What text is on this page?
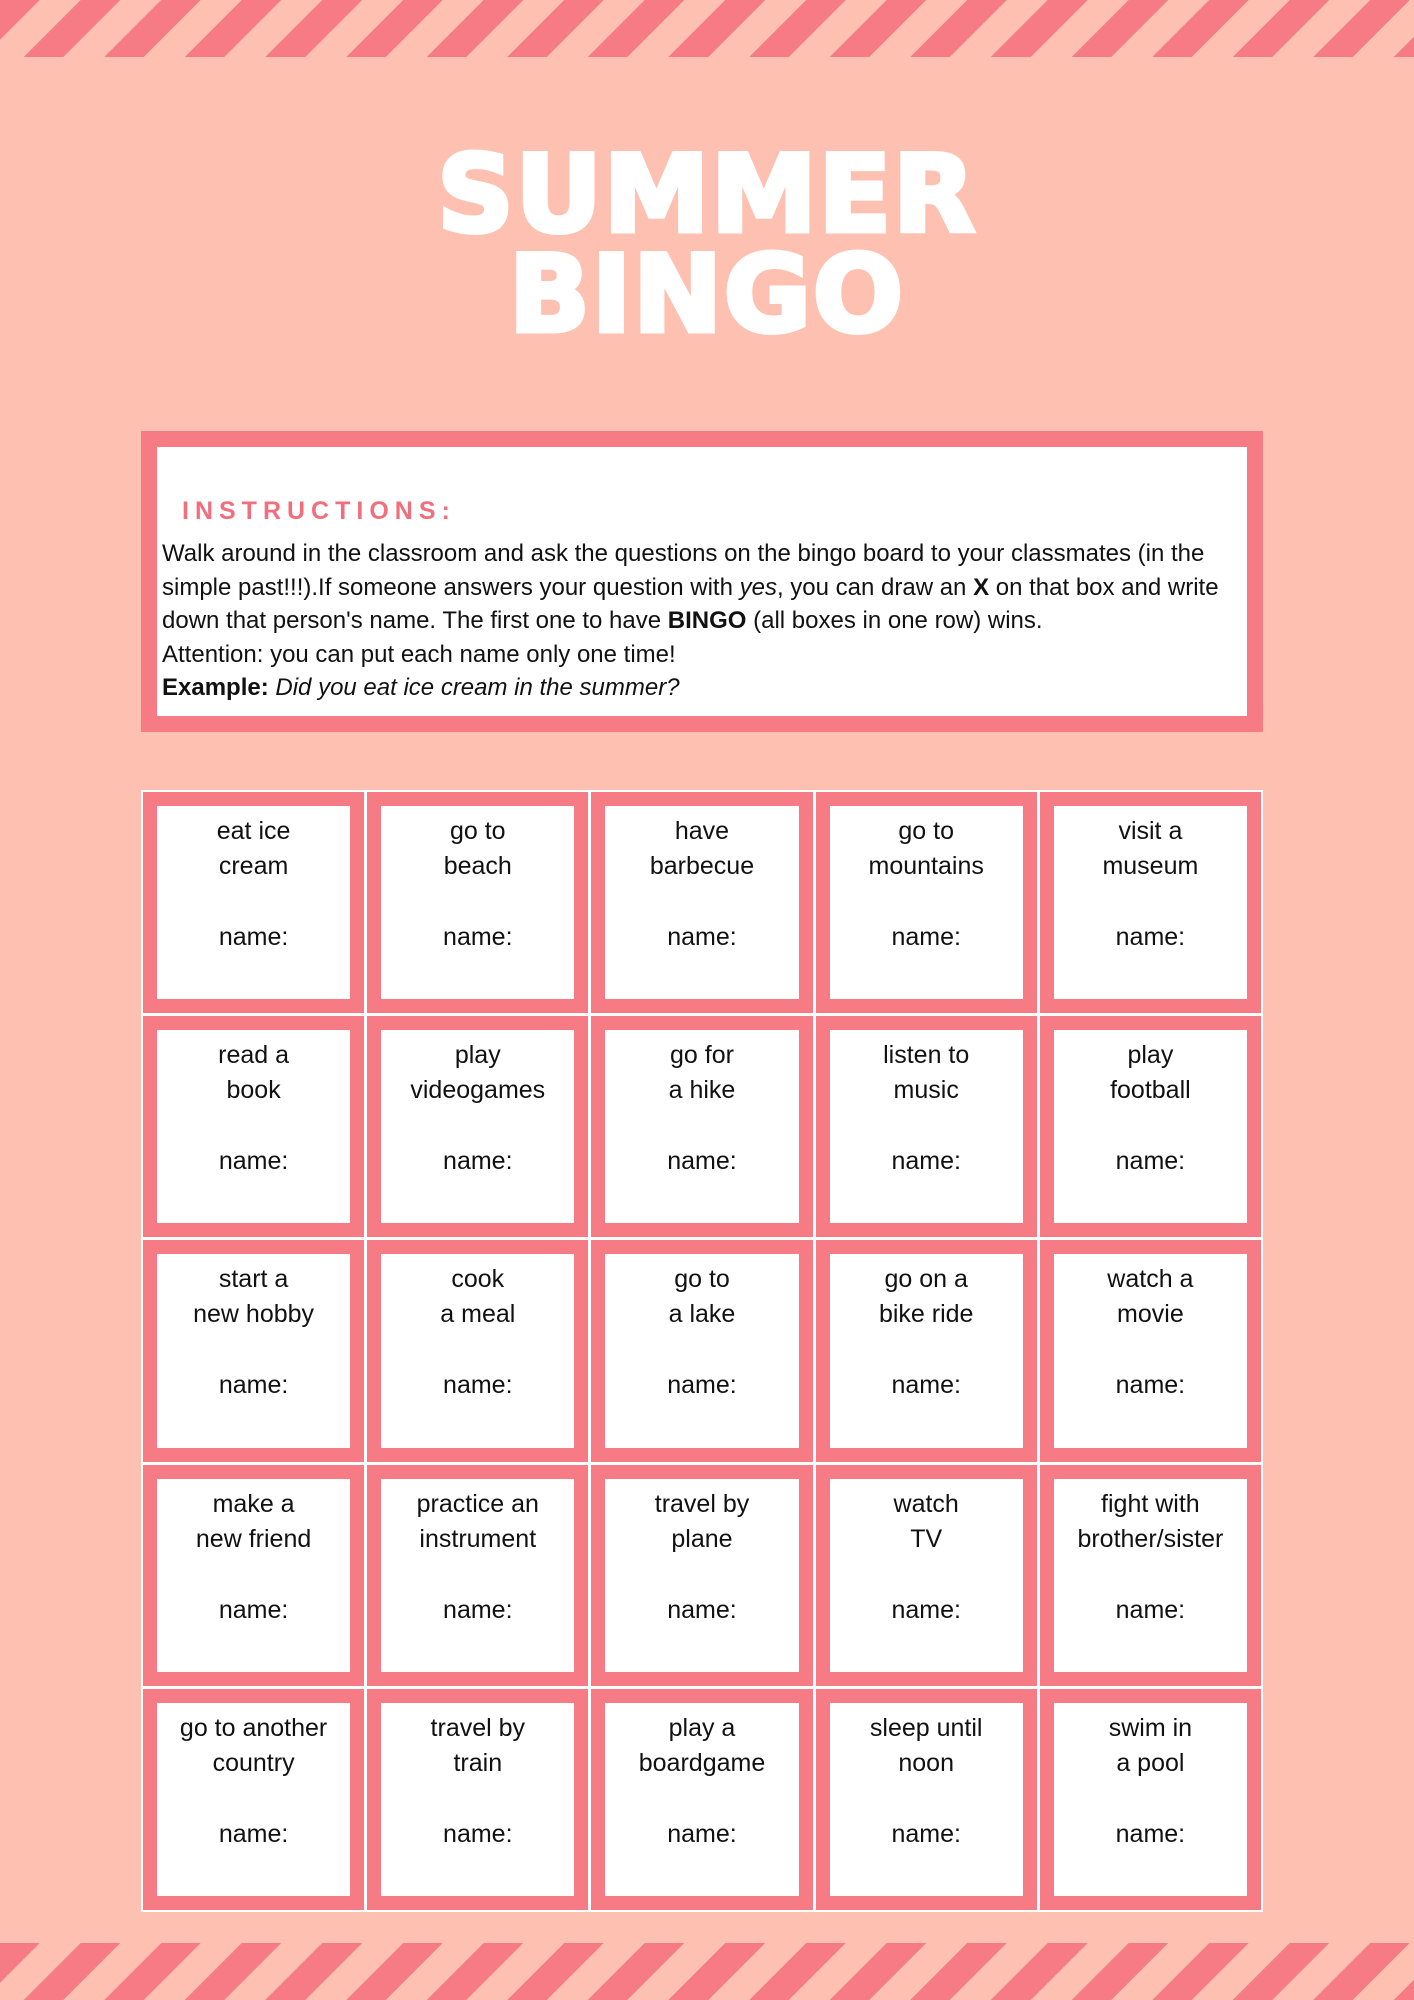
SUMMER
BINGO
INSTRUCTIONS:
Walk around in the classroom and ask the questions on the bingo board to your classmates (in the simple past!!!).If someone answers your question with yes, you can draw an X on that box and write down that person's name. The first one to have BINGO (all boxes in one row) wins.
Attention: you can put each name only one time!
Example: Did you eat ice cream in the summer?
eat ice
cream
name:
go to
beach
name:
have
barbecue
name:
go to
mountains
name:
visit a
museum
name:
read a
book
name:
play
videogames
name:
go for
a hike
name:
listen to
music
name:
play
football
name:
start a
new hobby
name:
cook
a meal
name:
go to
a lake
name:
go on a
bike ride
name:
watch a
movie
name:
make a
new friend
name:
practice an
instrument
name:
travel by
plane
name:
watch
TV
name:
fight with
brother/sister
name:
go to another
country
name:
travel by
train
name:
play a
boardgame
name:
sleep until
noon
name:
swim in
a pool
name:
